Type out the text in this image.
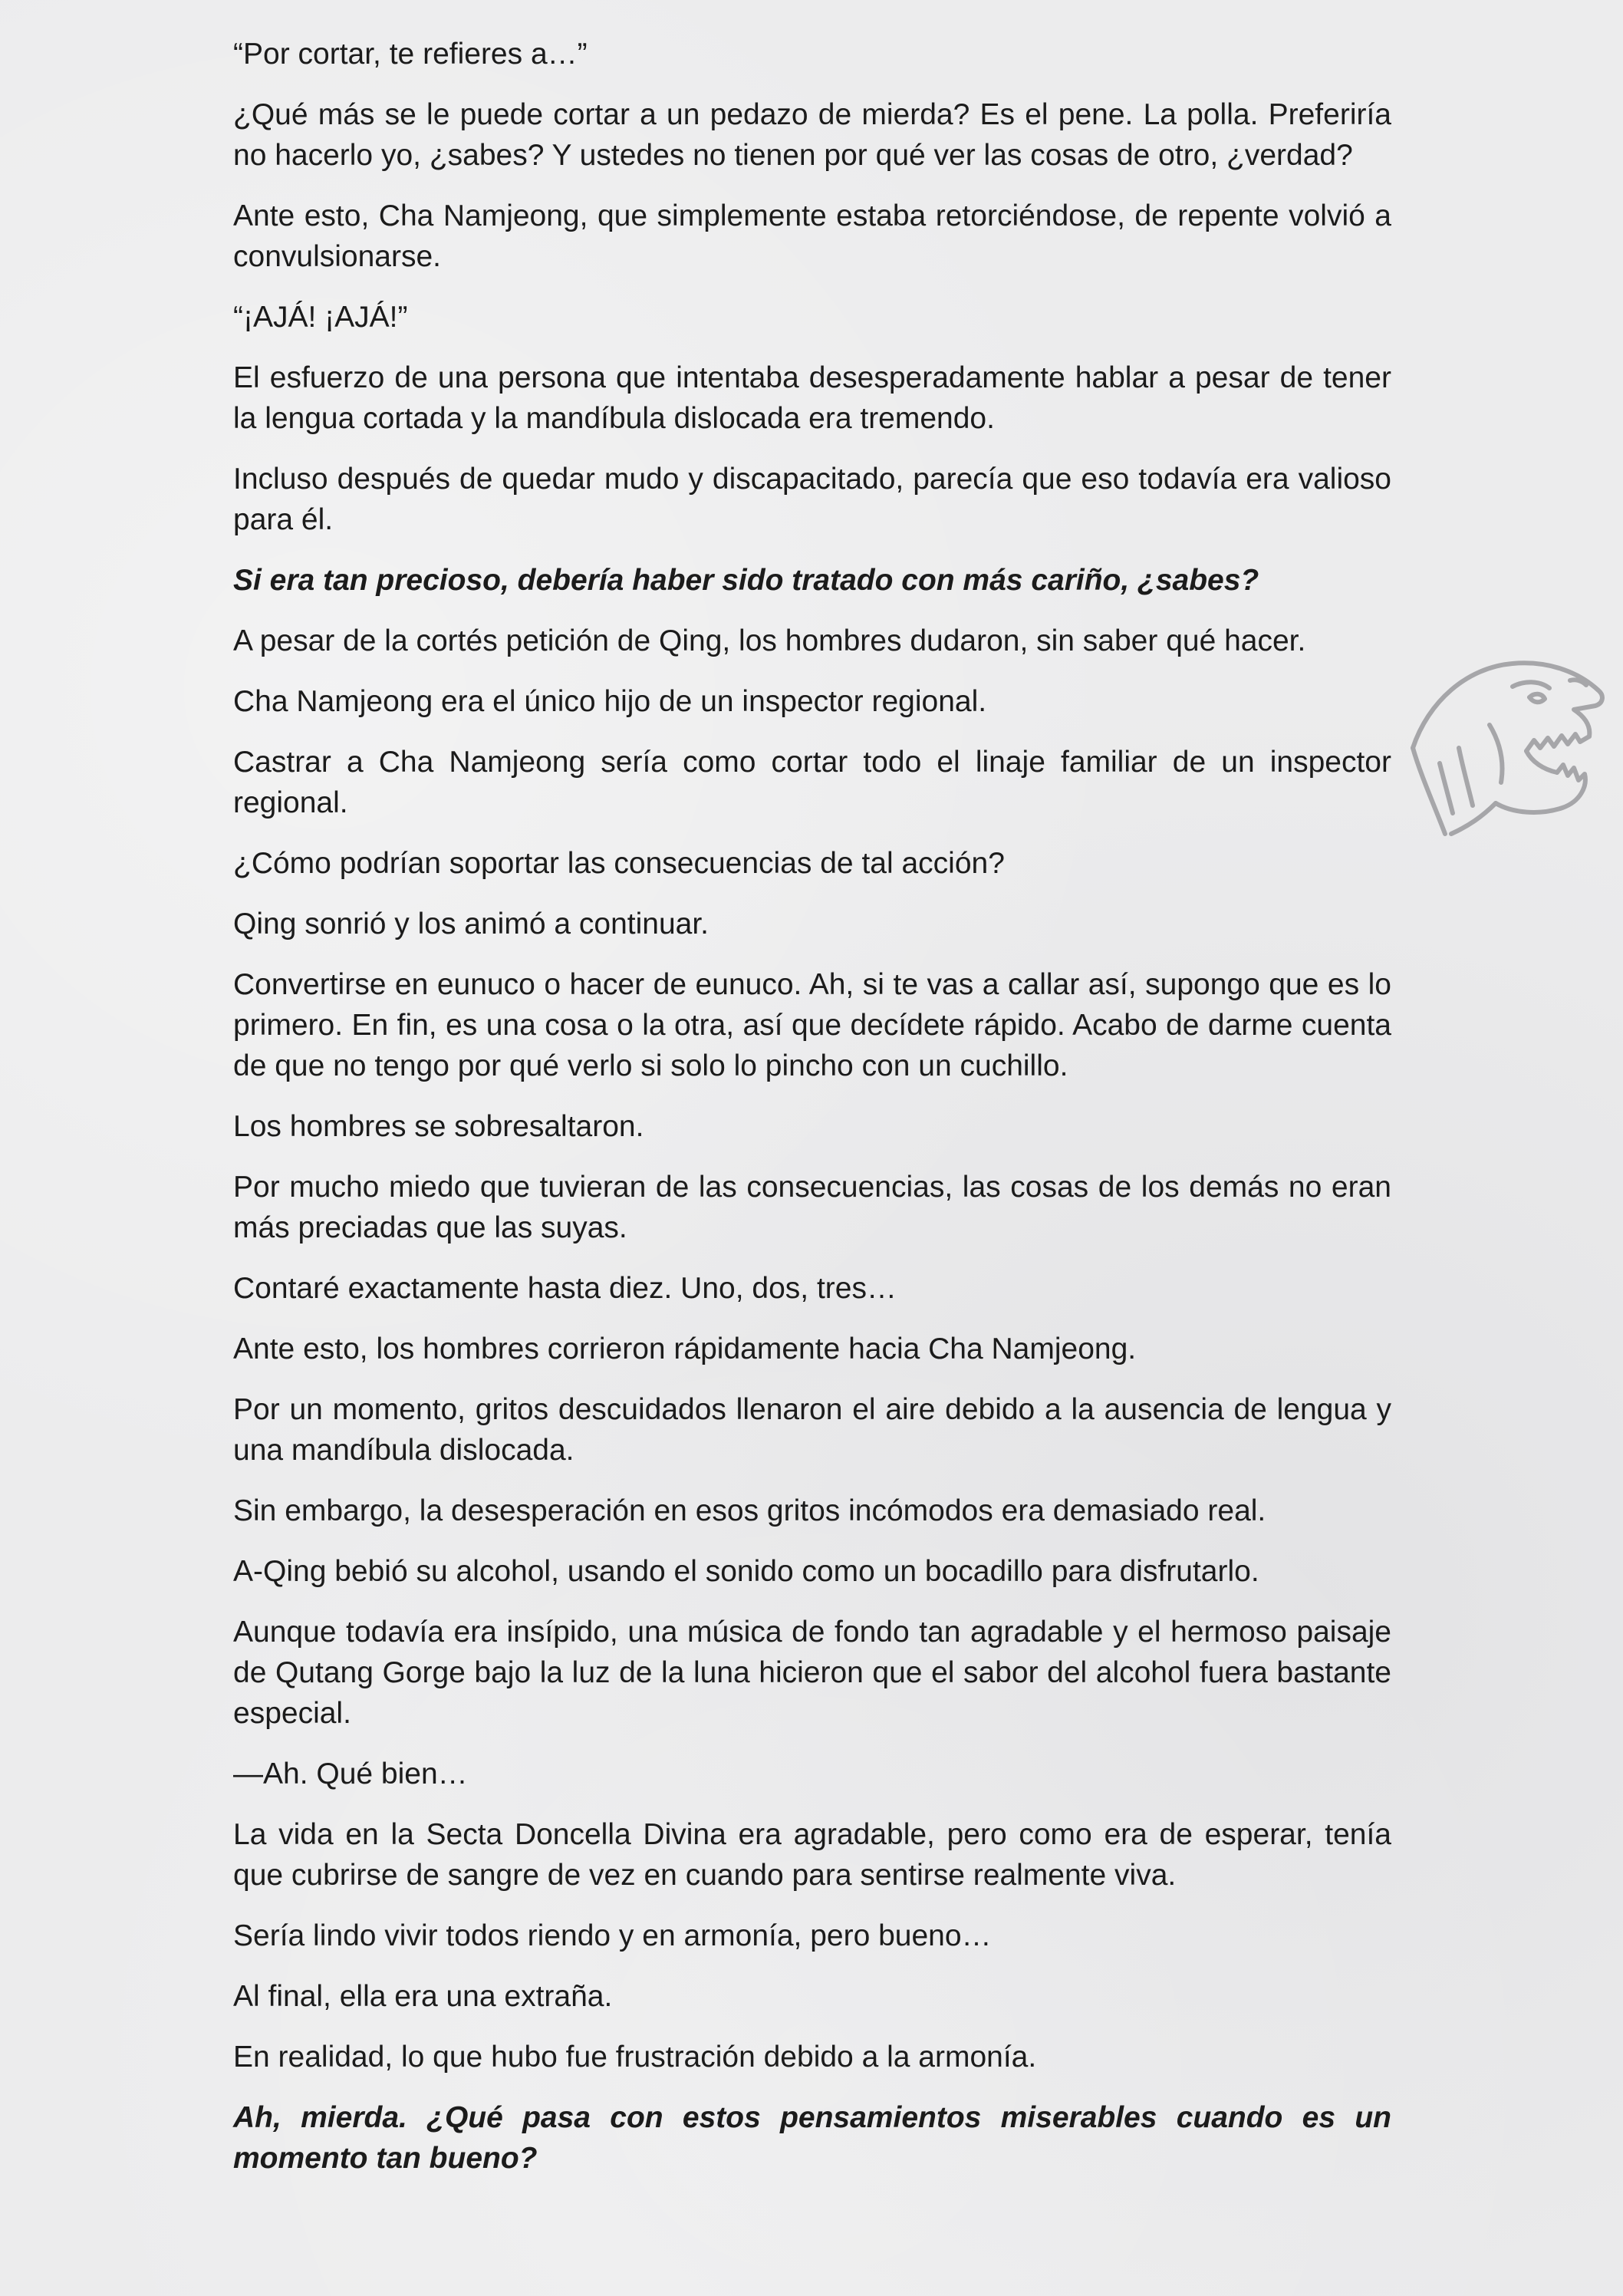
“Por cortar, te refieres a…”

¿Qué más se le puede cortar a un pedazo de mierda? Es el pene. La polla. Preferiría no hacerlo yo, ¿sabes? Y ustedes no tienen por qué ver las cosas de otro, ¿verdad?

Ante esto, Cha Namjeong, que simplemente estaba retorciéndose, de repente volvió a convulsionarse.

“¡AJÁ! ¡AJÁ!”

El esfuerzo de una persona que intentaba desesperadamente hablar a pesar de tener la lengua cortada y la mandíbula dislocada era tremendo.

Incluso después de quedar mudo y discapacitado, parecía que eso todavía era valioso para él.

Si era tan precioso, debería haber sido tratado con más cariño, ¿sabes?

A pesar de la cortés petición de Qing, los hombres dudaron, sin saber qué hacer.

Cha Namjeong era el único hijo de un inspector regional.

Castrar a Cha Namjeong sería como cortar todo el linaje familiar de un inspector regional.

¿Cómo podrían soportar las consecuencias de tal acción?

Qing sonrió y los animó a continuar.

Convertirse en eunuco o hacer de eunuco. Ah, si te vas a callar así, supongo que es lo primero. En fin, es una cosa o la otra, así que decídete rápido. Acabo de darme cuenta de que no tengo por qué verlo si solo lo pincho con un cuchillo.

Los hombres se sobresaltaron.

Por mucho miedo que tuvieran de las consecuencias, las cosas de los demás no eran más preciadas que las suyas.

Contaré exactamente hasta diez. Uno, dos, tres…

Ante esto, los hombres corrieron rápidamente hacia Cha Namjeong.

Por un momento, gritos descuidados llenaron el aire debido a la ausencia de lengua y una mandíbula dislocada.

Sin embargo, la desesperación en esos gritos incómodos era demasiado real.

A-Qing bebió su alcohol, usando el sonido como un bocadillo para disfrutarlo.

Aunque todavía era insípido, una música de fondo tan agradable y el hermoso paisaje de Qutang Gorge bajo la luz de la luna hicieron que el sabor del alcohol fuera bastante especial.

—Ah. Qué bien…

La vida en la Secta Doncella Divina era agradable, pero como era de esperar, tenía que cubrirse de sangre de vez en cuando para sentirse realmente viva.

Sería lindo vivir todos riendo y en armonía, pero bueno…

Al final, ella era una extraña.

En realidad, lo que hubo fue frustración debido a la armonía.

Ah, mierda. ¿Qué pasa con estos pensamientos miserables cuando es un momento tan bueno?
